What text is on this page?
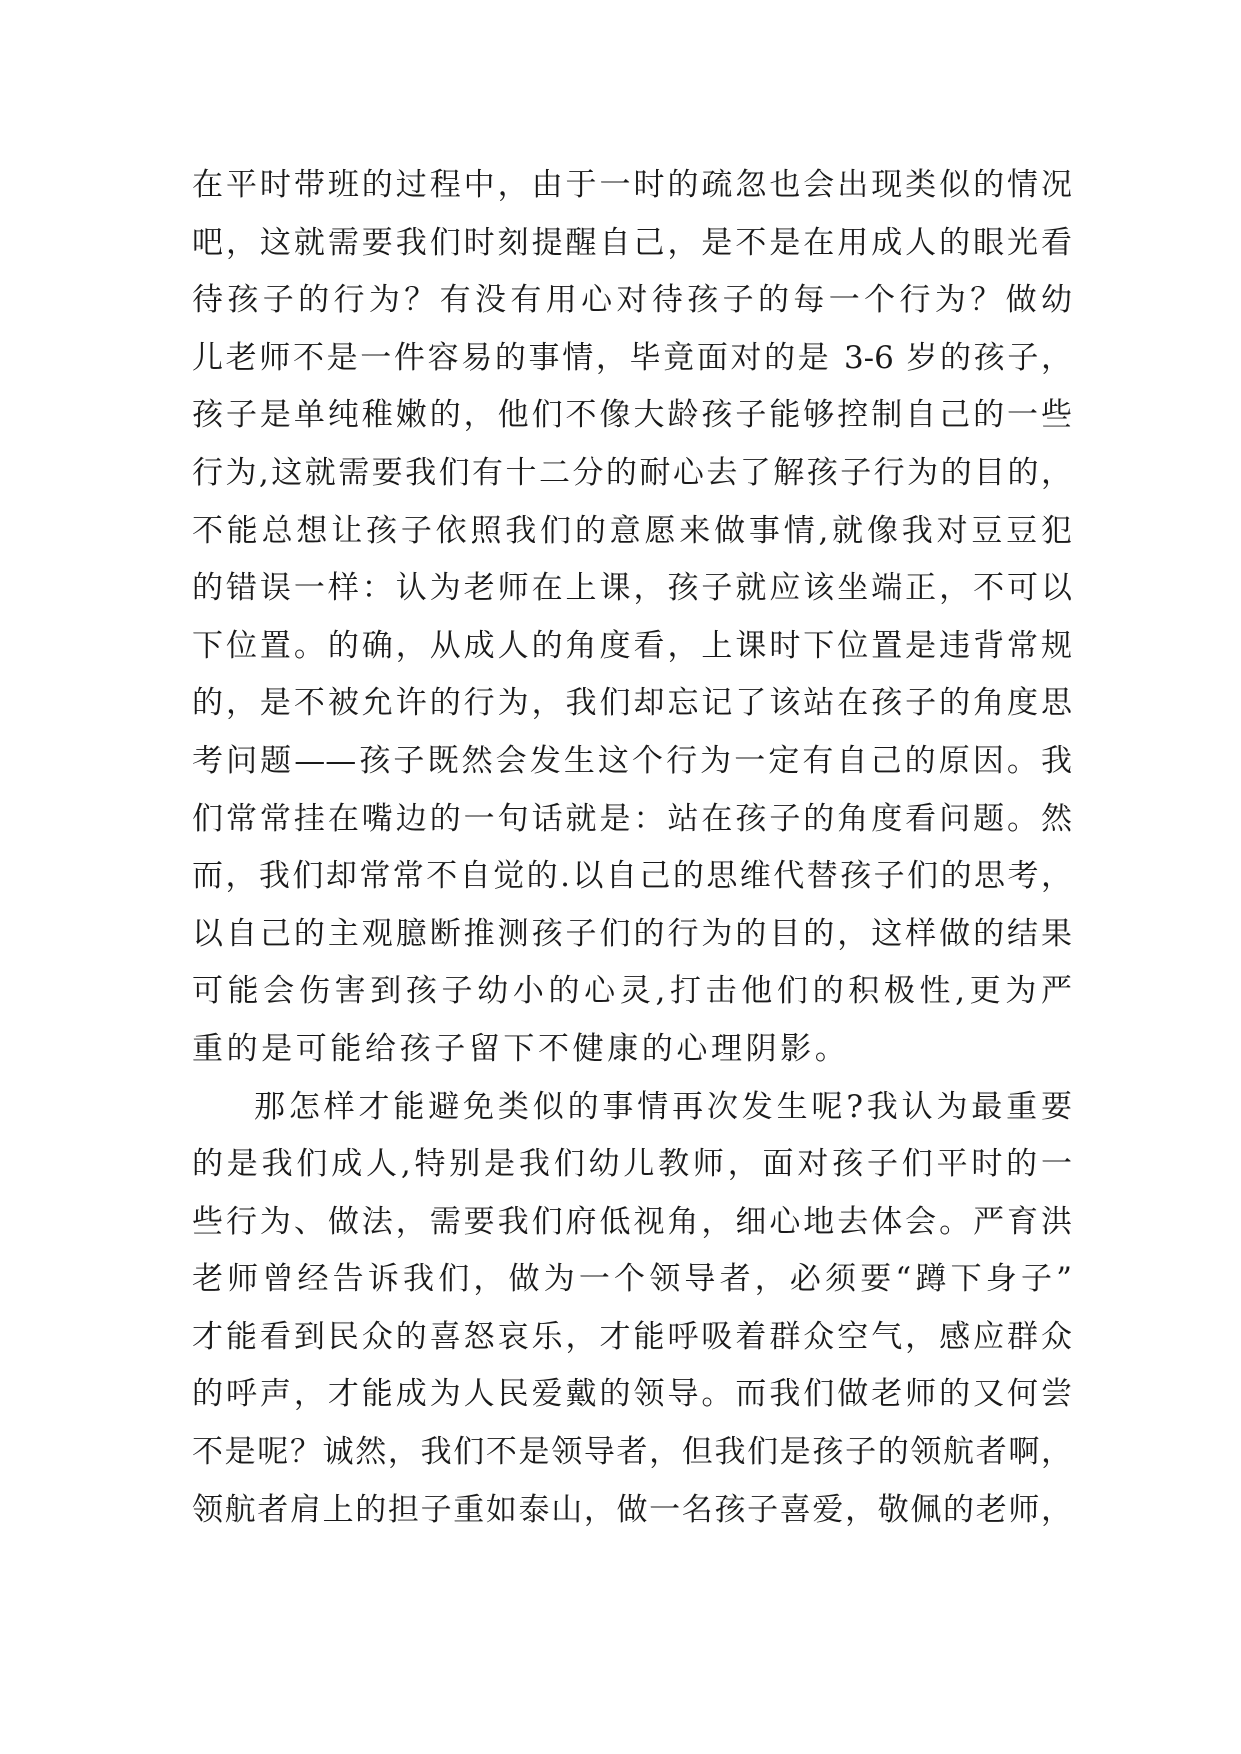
在平时带班的过程中，由于一时的疏忽也会出现类似的情况
吧，这就需要我们时刻提醒自己，是不是在用成人的眼光看
待孩子的行为？有没有用心对待孩子的每一个行为？做幼
儿老师不是一件容易的事情，毕竟面对的是 3-6 岁的孩子，
孩子是单纯稚嫩的，他们不像大龄孩子能够控制自己的一些
行为,这就需要我们有十二分的耐心去了解孩子行为的目的，
不能总想让孩子依照我们的意愿来做事情,就像我对豆豆犯
的错误一样：认为老师在上课，孩子就应该坐端正，不可以
下位置。的确，从成人的角度看，上课时下位置是违背常规
的，是不被允许的行为，我们却忘记了该站在孩子的角度思
考问题——孩子既然会发生这个行为一定有自己的原因。我
们常常挂在嘴边的一句话就是：站在孩子的角度看问题。然
而，我们却常常不自觉的.以自己的思维代替孩子们的思考，
以自己的主观臆断推测孩子们的行为的目的，这样做的结果
可能会伤害到孩子幼小的心灵,打击他们的积极性,更为严
重的是可能给孩子留下不健康的心理阴影。
那怎样才能避免类似的事情再次发生呢?我认为最重要
的是我们成人,特别是我们幼儿教师，面对孩子们平时的一
些行为、做法，需要我们府低视角，细心地去体会。严育洪
老师曾经告诉我们，做为一个领导者，必须要“蹲下身子”
才能看到民众的喜怒哀乐，才能呼吸着群众空气，感应群众
的呼声，才能成为人民爱戴的领导。而我们做老师的又何尝
不是呢？诚然，我们不是领导者，但我们是孩子的领航者啊，
领航者肩上的担子重如泰山，做一名孩子喜爱，敬佩的老师，
